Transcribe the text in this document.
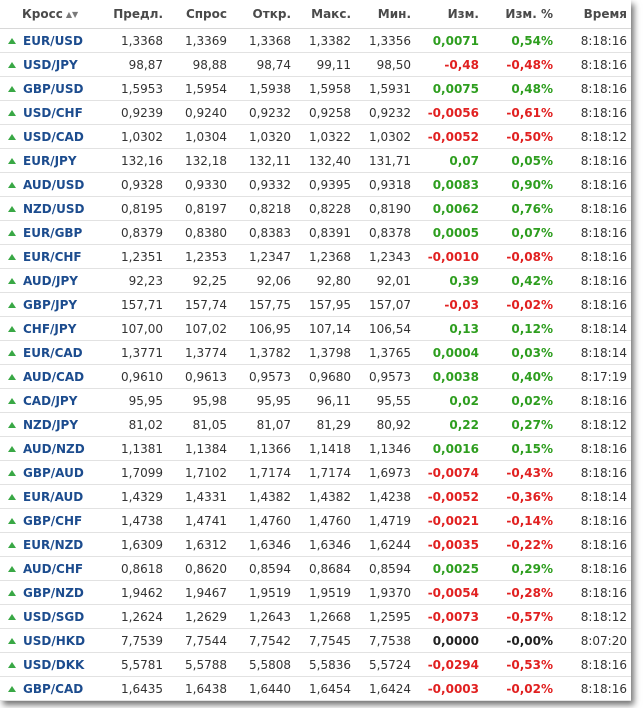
Кросс ▲▼	Предл.	Спрос	Откр.	Макс.	Мин.	Изм.	Изм. %	Время
EUR/USD	1,3368	1,3369	1,3368	1,3382	1,3356	0,0071	0,54%	8:18:16
USD/JPY	98,87	98,88	98,74	99,11	98,50	-0,48	-0,48%	8:18:16
GBP/USD	1,5953	1,5954	1,5938	1,5958	1,5931	0,0075	0,48%	8:18:16
USD/CHF	0,9239	0,9240	0,9232	0,9258	0,9232	-0,0056	-0,61%	8:18:16
USD/CAD	1,0302	1,0304	1,0320	1,0322	1,0302	-0,0052	-0,50%	8:18:12
EUR/JPY	132,16	132,18	132,11	132,40	131,71	0,07	0,05%	8:18:16
AUD/USD	0,9328	0,9330	0,9332	0,9395	0,9318	0,0083	0,90%	8:18:16
NZD/USD	0,8195	0,8197	0,8218	0,8228	0,8190	0,0062	0,76%	8:18:16
EUR/GBP	0,8379	0,8380	0,8383	0,8391	0,8378	0,0005	0,07%	8:18:16
EUR/CHF	1,2351	1,2353	1,2347	1,2368	1,2343	-0,0010	-0,08%	8:18:16
AUD/JPY	92,23	92,25	92,06	92,80	92,01	0,39	0,42%	8:18:16
GBP/JPY	157,71	157,74	157,75	157,95	157,07	-0,03	-0,02%	8:18:16
CHF/JPY	107,00	107,02	106,95	107,14	106,54	0,13	0,12%	8:18:14
EUR/CAD	1,3771	1,3774	1,3782	1,3798	1,3765	0,0004	0,03%	8:18:14
AUD/CAD	0,9610	0,9613	0,9573	0,9680	0,9573	0,0038	0,40%	8:17:19
CAD/JPY	95,95	95,98	95,95	96,11	95,55	0,02	0,02%	8:18:16
NZD/JPY	81,02	81,05	81,07	81,29	80,92	0,22	0,27%	8:18:12
AUD/NZD	1,1381	1,1384	1,1366	1,1418	1,1346	0,0016	0,15%	8:18:16
GBP/AUD	1,7099	1,7102	1,7174	1,7174	1,6973	-0,0074	-0,43%	8:18:16
EUR/AUD	1,4329	1,4331	1,4382	1,4382	1,4238	-0,0052	-0,36%	8:18:14
GBP/CHF	1,4738	1,4741	1,4760	1,4760	1,4719	-0,0021	-0,14%	8:18:16
EUR/NZD	1,6309	1,6312	1,6346	1,6346	1,6244	-0,0035	-0,22%	8:18:16
AUD/CHF	0,8618	0,8620	0,8594	0,8684	0,8594	0,0025	0,29%	8:18:16
GBP/NZD	1,9462	1,9467	1,9519	1,9519	1,9370	-0,0054	-0,28%	8:18:16
USD/SGD	1,2624	1,2629	1,2643	1,2668	1,2595	-0,0073	-0,57%	8:18:12
USD/HKD	7,7539	7,7544	7,7542	7,7545	7,7538	0,0000	-0,00%	8:07:20
USD/DKK	5,5781	5,5788	5,5808	5,5836	5,5724	-0,0294	-0,53%	8:18:16
GBP/CAD	1,6435	1,6438	1,6440	1,6454	1,6424	-0,0003	-0,02%	8:18:16
